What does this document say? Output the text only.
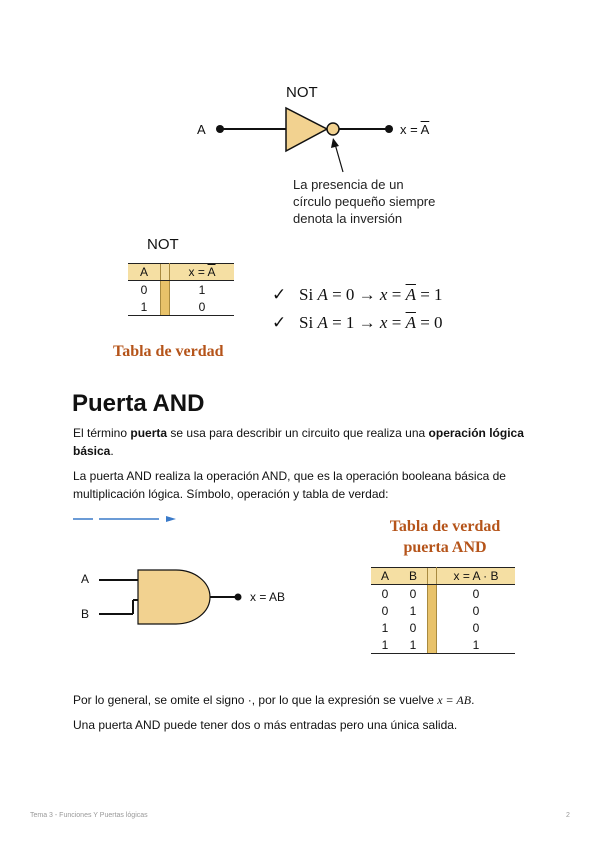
NOT
A	$x = \overline{A}$
La presencia de un
círculo pequeño siempre
denota la inversión
NOT
A		$x = \overline{A}$
0		1
1		0
Tabla de verdad
✓ Si $A = 0 \to x = \overline{A} = 1$
✓ Si $A = 1 \to x = \overline{A} = 0$
Puerta AND
El término puerta se usa para describir un circuito que realiza una operación lógica básica.
La puerta AND realiza la operación AND, que es la operación booleana básica de multiplicación lógica. Símbolo, operación y tabla de verdad:
A
B
x = AB
Tabla de verdad
puerta AND
A	B		x = A · B
0	0		0
0	1		0
1	0		0
1	1		1
Por lo general, se omite el signo ·, por lo que la expresión se vuelve x = AB.
Una puerta AND puede tener dos o más entradas pero una única salida.
Tema 3 - Funciones Y Puertas lógicas	2
